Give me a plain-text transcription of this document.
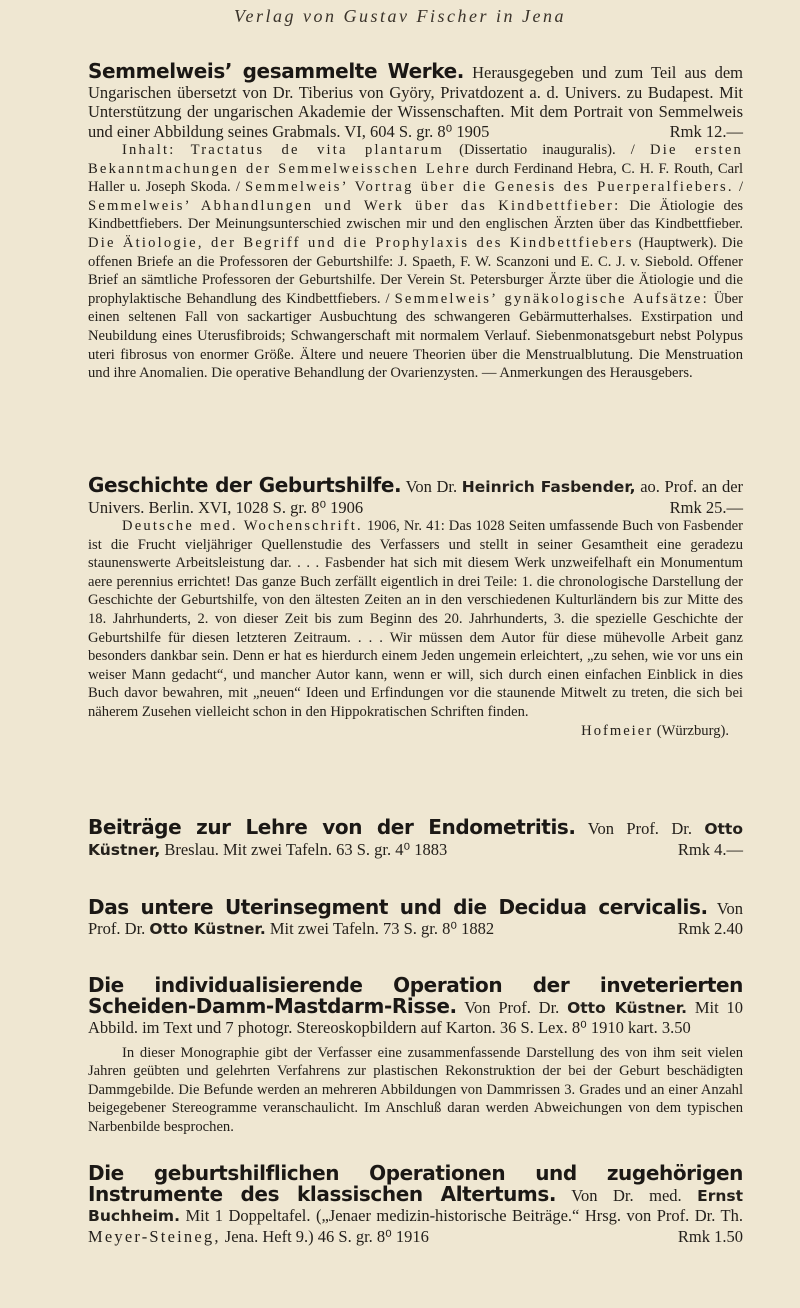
Verlag von Gustav Fischer in Jena

Semmelweis’ gesammelte Werke. Herausgegeben und zum Teil aus dem Ungarischen übersetzt von Dr. Tiberius von Györy, Privatdozent a. d. Univers. zu Budapest. Mit Unterstützung der ungarischen Akademie der Wissenschaften. Mit dem Portrait von Semmelweis und einer Abbildung seines Grabmals. VI, 604 S. gr. 8⁰ 1905	Rmk 12.—

Inhalt: Tractatus de vita plantarum (Dissertatio inauguralis). / Die ersten Bekanntmachungen der Semmelweisschen Lehre durch Ferdinand Hebra, C. H. F. Routh, Carl Haller u. Joseph Skoda. / Semmelweis’ Vortrag über die Genesis des Puerperalfiebers. / Semmelweis’ Abhandlungen und Werk über das Kindbettfieber: Die Ätiologie des Kindbettfiebers. Der Meinungsunterschied zwischen mir und den englischen Ärzten über das Kindbettfieber. Die Ätiologie, der Begriff und die Prophylaxis des Kindbettfiebers (Hauptwerk). Die offenen Briefe an die Professoren der Geburtshilfe: J. Spaeth, F. W. Scanzoni und E. C. J. v. Siebold. Offener Brief an sämtliche Professoren der Geburtshilfe. Der Verein St. Petersburger Ärzte über die Ätiologie und die prophylaktische Behandlung des Kindbettfiebers. / Semmelweis’ gynäkologische Aufsätze: Über einen seltenen Fall von sackartiger Ausbuchtung des schwangeren Gebärmutterhalses. Exstirpation und Neubildung eines Uterusfibroids; Schwangerschaft mit normalem Verlauf. Siebenmonatsgeburt nebst Polypus uteri fibrosus von enormer Größe. Ältere und neuere Theorien über die Menstrualblutung. Die Menstruation und ihre Anomalien. Die operative Behandlung der Ovarienzysten. — Anmerkungen des Herausgebers.

Geschichte der Geburtshilfe. Von Dr. Heinrich Fasbender, ao. Prof. an der Univers. Berlin. XVI, 1028 S. gr. 8⁰ 1906	Rmk 25.—

Deutsche med. Wochenschrift. 1906, Nr. 41: Das 1028 Seiten umfassende Buch von Fasbender ist die Frucht vieljähriger Quellenstudie des Verfassers und stellt in seiner Gesamtheit eine geradezu staunenswerte Arbeitsleistung dar. . . . Fasbender hat sich mit diesem Werk unzweifelhaft ein Monumentum aere perennius errichtet! Das ganze Buch zerfällt eigentlich in drei Teile: 1. die chronologische Darstellung der Geschichte der Geburtshilfe, von den ältesten Zeiten an in den verschiedenen Kulturländern bis zur Mitte des 18. Jahrhunderts, 2. von dieser Zeit bis zum Beginn des 20. Jahrhunderts, 3. die spezielle Geschichte der Geburtshilfe für diesen letzteren Zeitraum. . . . Wir müssen dem Autor für diese mühevolle Arbeit ganz besonders dankbar sein. Denn er hat es hierdurch einem Jeden ungemein erleichtert, „zu sehen, wie vor uns ein weiser Mann gedacht“, und mancher Autor kann, wenn er will, sich durch einen einfachen Einblick in dies Buch davor bewahren, mit „neuen“ Ideen und Erfindungen vor die staunende Mitwelt zu treten, die sich bei näherem Zusehen vielleicht schon in den Hippokratischen Schriften finden.

Hofmeier (Würzburg).

Beiträge zur Lehre von der Endometritis. Von Prof. Dr. Otto Küstner, Breslau. Mit zwei Tafeln. 63 S. gr. 4⁰ 1883	Rmk 4.—

Das untere Uterinsegment und die Decidua cervicalis. Von Prof. Dr. Otto Küstner. Mit zwei Tafeln. 73 S. gr. 8⁰ 1882	Rmk 2.40

Die individualisierende Operation der inveterierten Scheiden-Damm-Mastdarm-Risse. Von Prof. Dr. Otto Küstner. Mit 10 Abbild. im Text und 7 photogr. Stereoskopbildern auf Karton. 36 S. Lex. 8⁰ 1910 kart. 3.50

In dieser Monographie gibt der Verfasser eine zusammenfassende Darstellung des von ihm seit vielen Jahren geübten und gelehrten Verfahrens zur plastischen Rekonstruktion der bei der Geburt beschädigten Dammgebilde. Die Befunde werden an mehreren Abbildungen von Dammrissen 3. Grades und an einer Anzahl beigegebener Stereogramme veranschaulicht. Im Anschluß daran werden Abweichungen von dem typischen Narbenbilde besprochen.

Die geburtshilflichen Operationen und zugehörigen Instrumente des klassischen Altertums. Von Dr. med. Ernst Buchheim. Mit 1 Doppeltafel. („Jenaer medizin-historische Beiträge.“ Hrsg. von Prof. Dr. Th. Meyer-Steineg, Jena. Heft 9.) 46 S. gr. 8⁰ 1916	Rmk 1.50
